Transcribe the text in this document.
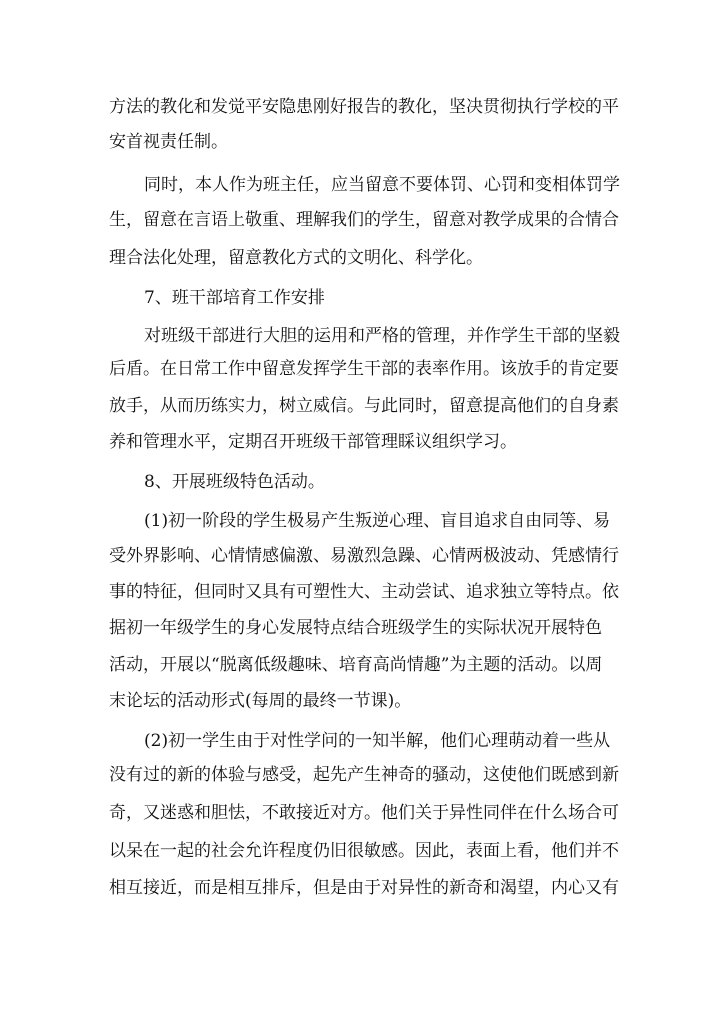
方法的教化和发觉平安隐患刚好报告的教化，坚决贯彻执行学校的平
安首视责任制。
同时，本人作为班主任，应当留意不要体罚、心罚和变相体罚学
生，留意在言语上敬重、理解我们的学生，留意对教学成果的合情合
理合法化处理，留意教化方式的文明化、科学化。
7、班干部培育工作安排
对班级干部进行大胆的运用和严格的管理，并作学生干部的坚毅
后盾。在日常工作中留意发挥学生干部的表率作用。该放手的肯定要
放手，从而历练实力，树立威信。与此同时，留意提高他们的自身素
养和管理水平，定期召开班级干部管理睬议组织学习。
8、开展班级特色活动。
(1)初一阶段的学生极易产生叛逆心理、盲目追求自由同等、易
受外界影响、心情情感偏激、易激烈急躁、心情两极波动、凭感情行
事的特征，但同时又具有可塑性大、主动尝试、追求独立等特点。依
据初一年级学生的身心发展特点结合班级学生的实际状况开展特色
活动，开展以“脱离低级趣味、培育高尚情趣”为主题的活动。以周
末论坛的活动形式(每周的最终一节课)。
(2)初一学生由于对性学问的一知半解，他们心理萌动着一些从
没有过的新的体验与感受，起先产生神奇的骚动，这使他们既感到新
奇，又迷惑和胆怯，不敢接近对方。他们关于异性同伴在什么场合可
以呆在一起的社会允许程度仍旧很敏感。因此，表面上看，他们并不
相互接近，而是相互排斥，但是由于对异性的新奇和渴望，内心又有
